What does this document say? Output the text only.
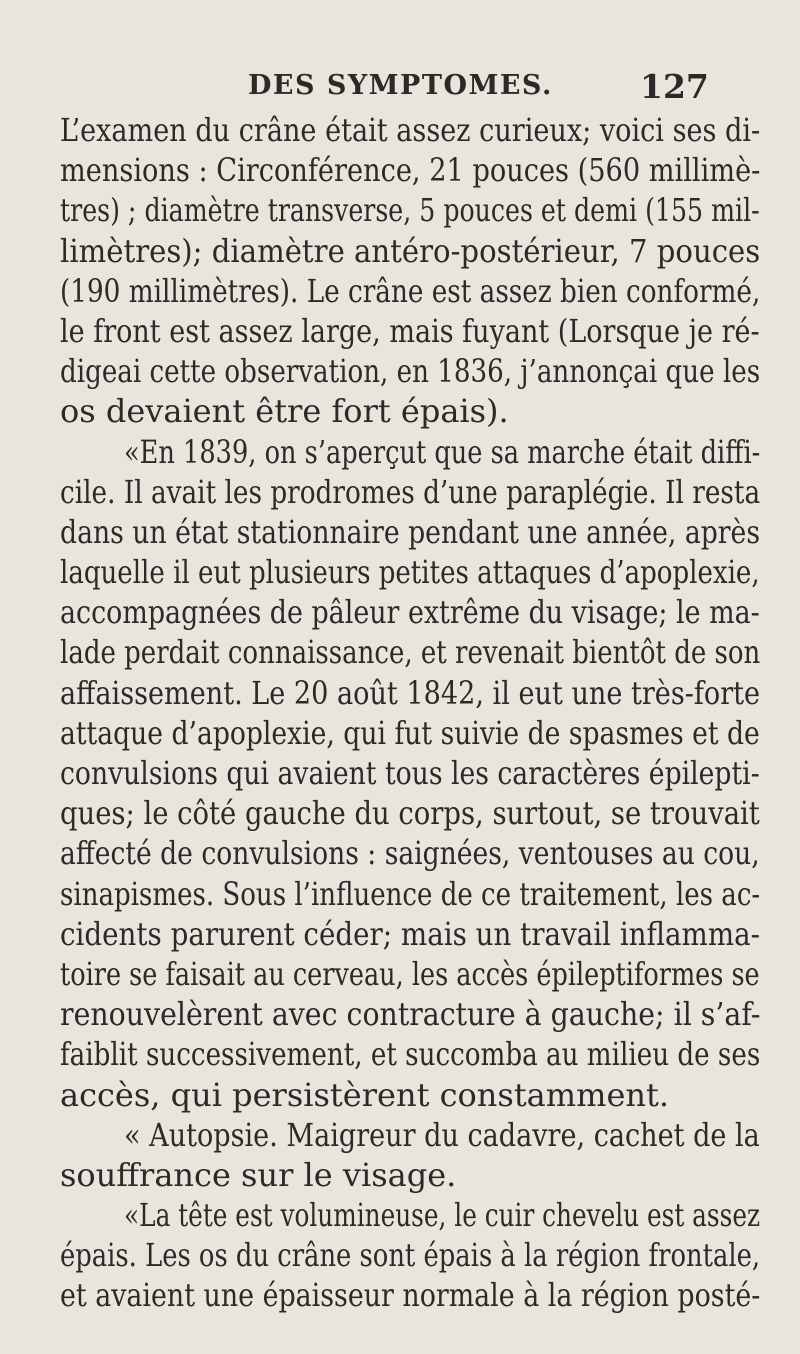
DES SYMPTOMES.	127
L’examen du crâne était assez curieux; voici ses di-
mensions : Circonférence, 21 pouces (560 millimè-
tres) ; diamètre transverse, 5 pouces et demi (155 mil-
limètres); diamètre antéro-postérieur, 7 pouces
(190 millimètres). Le crâne est assez bien conformé,
le front est assez large, mais fuyant (Lorsque je ré-
digeai cette observation, en 1836, j’annonçai que les
os devaient être fort épais).
«En 1839, on s’aperçut que sa marche était diffi-
cile. Il avait les prodromes d’une paraplégie. Il resta
dans un état stationnaire pendant une année, après
laquelle il eut plusieurs petites attaques d’apoplexie,
accompagnées de pâleur extrême du visage; le ma-
lade perdait connaissance, et revenait bientôt de son
affaissement. Le 20 août 1842, il eut une très-forte
attaque d’apoplexie, qui fut suivie de spasmes et de
convulsions qui avaient tous les caractères épilepti-
ques; le côté gauche du corps, surtout, se trouvait
affecté de convulsions : saignées, ventouses au cou,
sinapismes. Sous l’influence de ce traitement, les ac-
cidents parurent céder; mais un travail inflamma-
toire se faisait au cerveau, les accès épileptiformes se
renouvelèrent avec contracture à gauche; il s’af-
faiblit successivement, et succomba au milieu de ses
accès, qui persistèrent constamment.
« Autopsie. Maigreur du cadavre, cachet de la
souffrance sur le visage.
«La tête est volumineuse, le cuir chevelu est assez
épais. Les os du crâne sont épais à la région frontale,
et avaient une épaisseur normale à la région posté-
